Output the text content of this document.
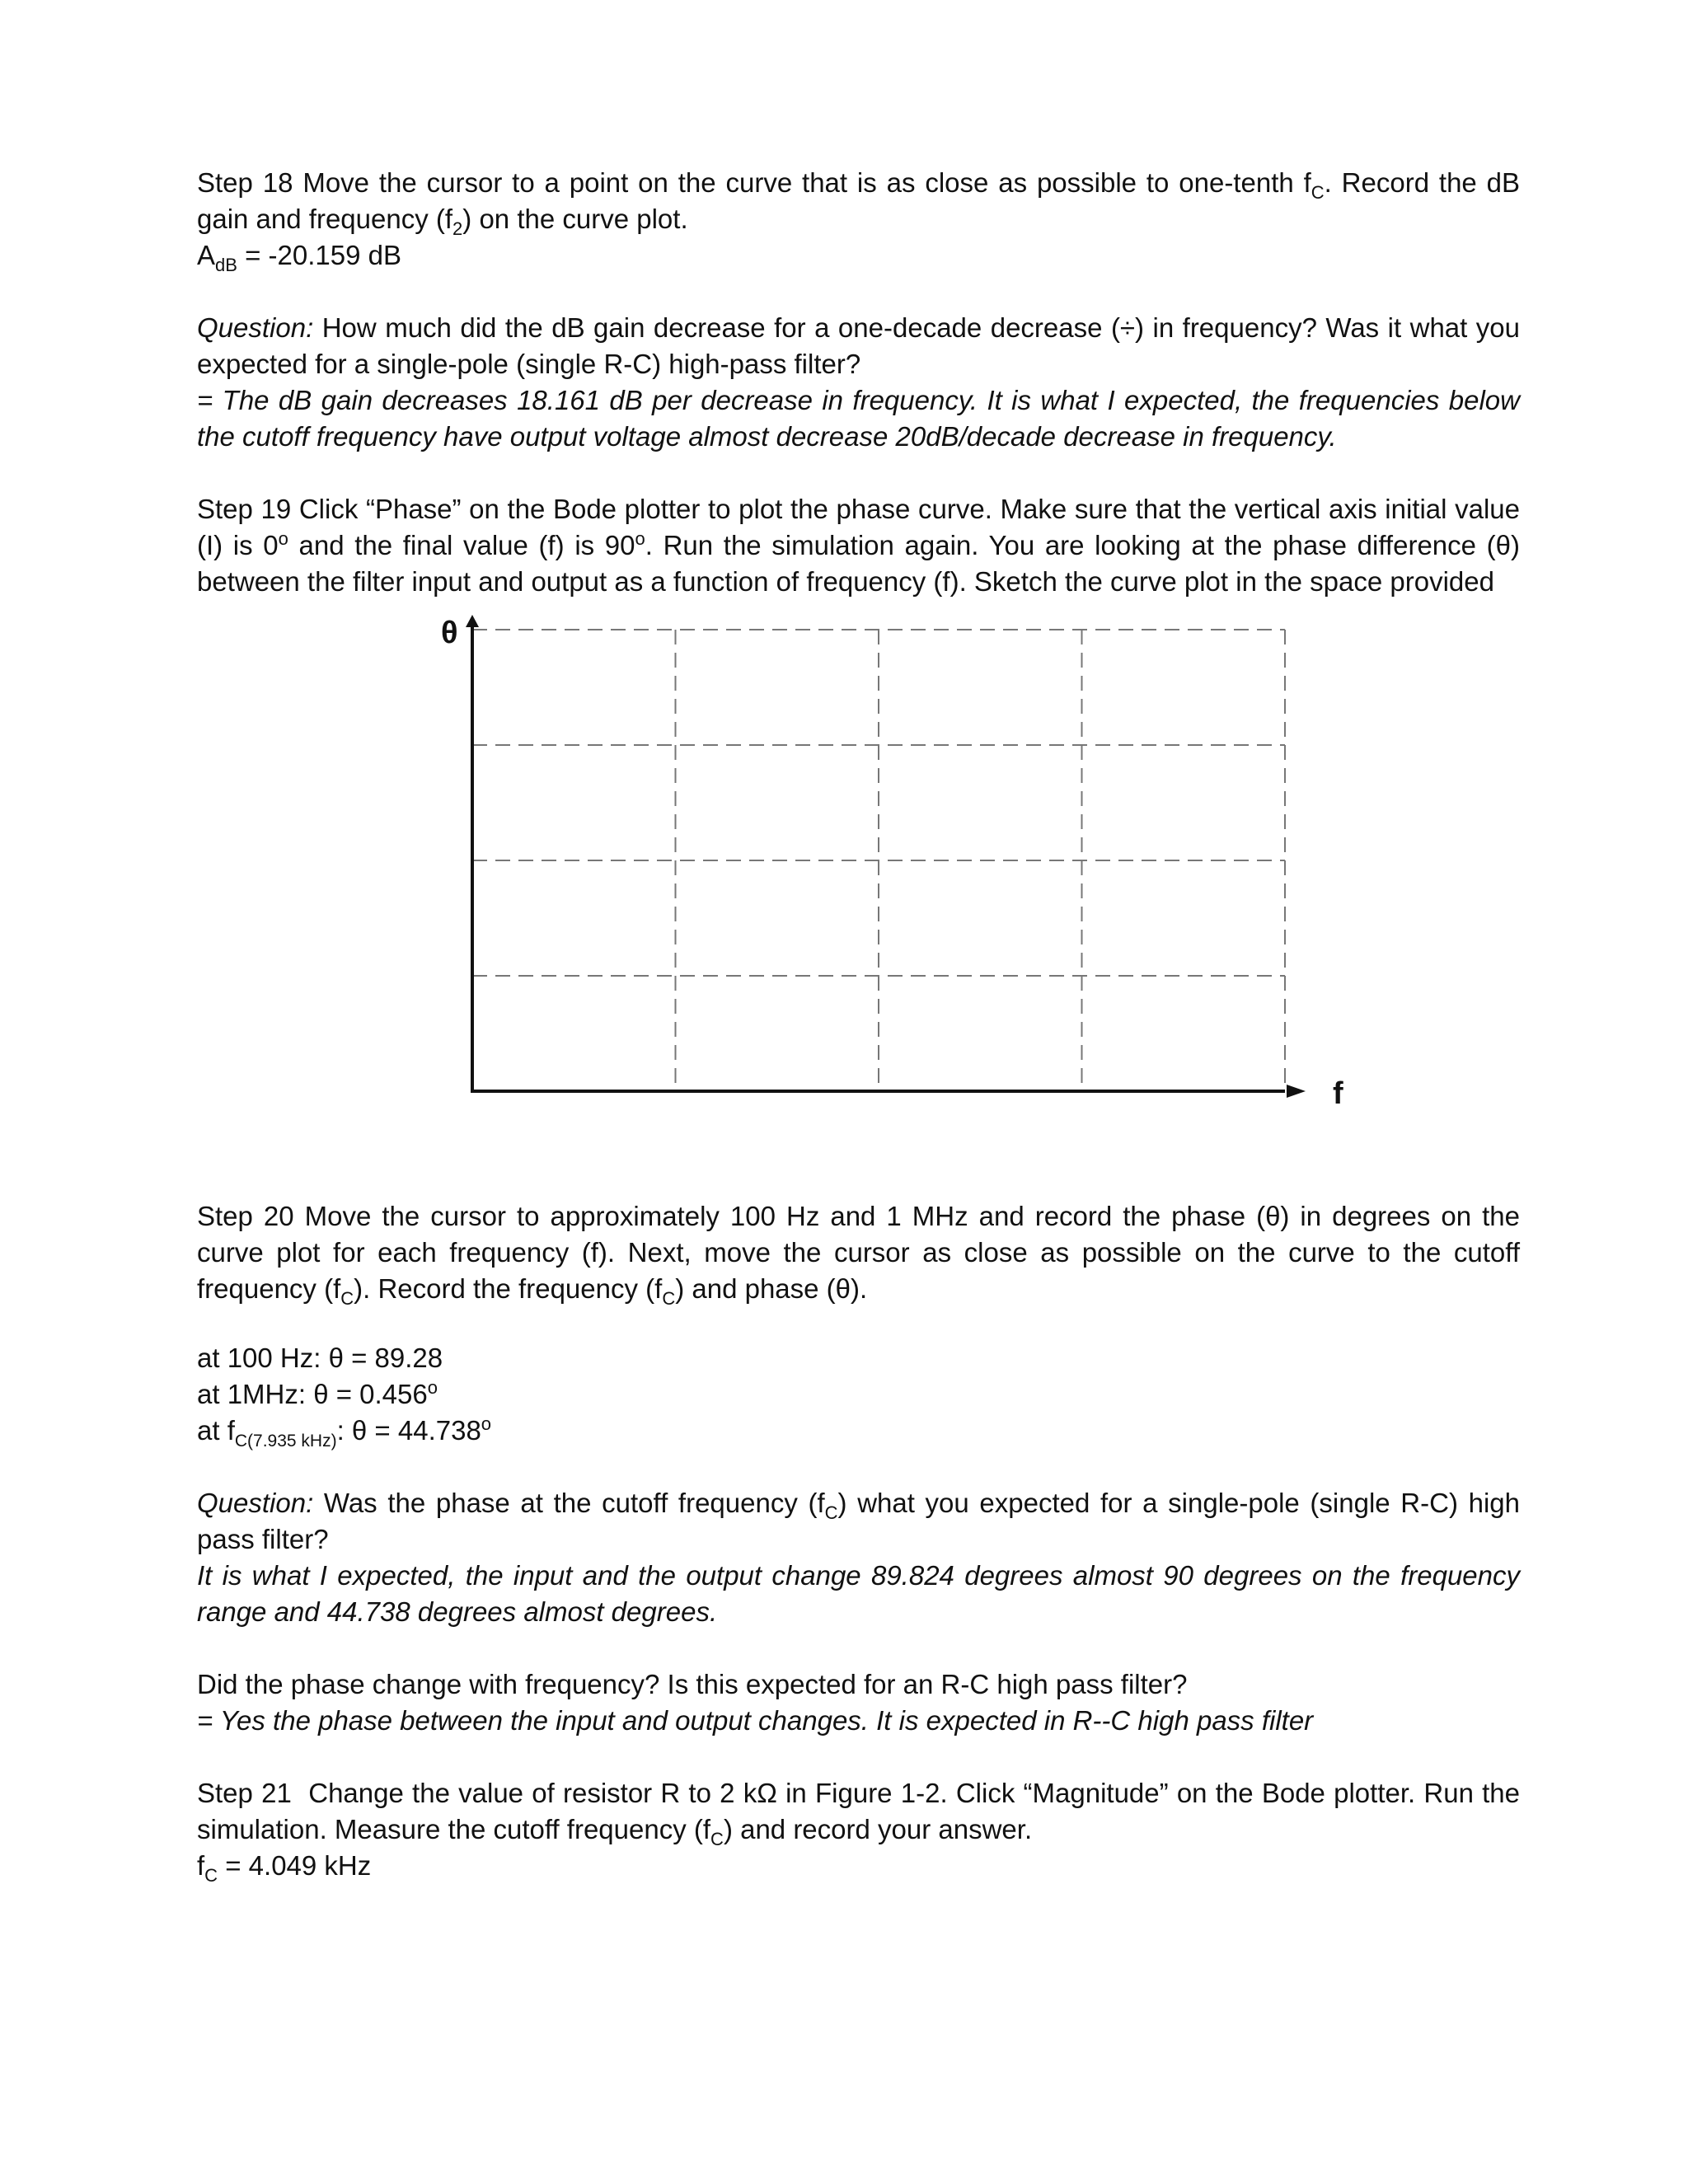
Step 18 Move the cursor to a point on the curve that is as close as possible to one-tenth $f_C$. Record the dB gain and frequency $(f_2)$ on the curve plot.

$A_{dB} = -20.159$ dB

Question: How much did the dB gain decrease for a one-decade decrease (÷) in frequency? Was it what you expected for a single-pole (single R-C) high-pass filter?

= The dB gain decreases 18.161 dB per decrease in frequency. It is what I expected, the frequencies below the cutoff frequency have output voltage almost decrease 20dB/decade decrease in frequency.

Step 19 Click “Phase” on the Bode plotter to plot the phase curve. Make sure that the vertical axis initial value (I) is 0$^o$ and the final value (f) is 90$^o$. Run the simulation again. You are looking at the phase difference (θ) between the filter input and output as a function of frequency (f). Sketch the curve plot in the space provided

θ
f

Step 20 Move the cursor to approximately 100 Hz and 1 MHz and record the phase (θ) in degrees on the curve plot for each frequency (f). Next, move the cursor as close as possible on the curve to the cutoff frequency $(f_C)$. Record the frequency $(f_C)$ and phase (θ).

at 100 Hz: θ = 89.28

at 1MHz: $\theta = 0.456^o$

at $f_{C(7.935 kHz)}$: $\theta = 44.738^o$

Question: Was the phase at the cutoff frequency $(f_C)$ what you expected for a single-pole (single R-C) high pass filter?

It is what I expected, the input and the output change 89.824 degrees almost 90 degrees on the frequency range and 44.738 degrees almost degrees.

Did the phase change with frequency? Is this expected for an R-C high pass filter?

= Yes the phase between the input and output changes. It is expected in R--C high pass filter

Step 21 Change the value of resistor R to 2 kΩ in Figure 1-2. Click “Magnitude” on the Bode plotter. Run the simulation. Measure the cutoff frequency $(f_C)$ and record your answer.

$f_C = 4.049$ kHz
